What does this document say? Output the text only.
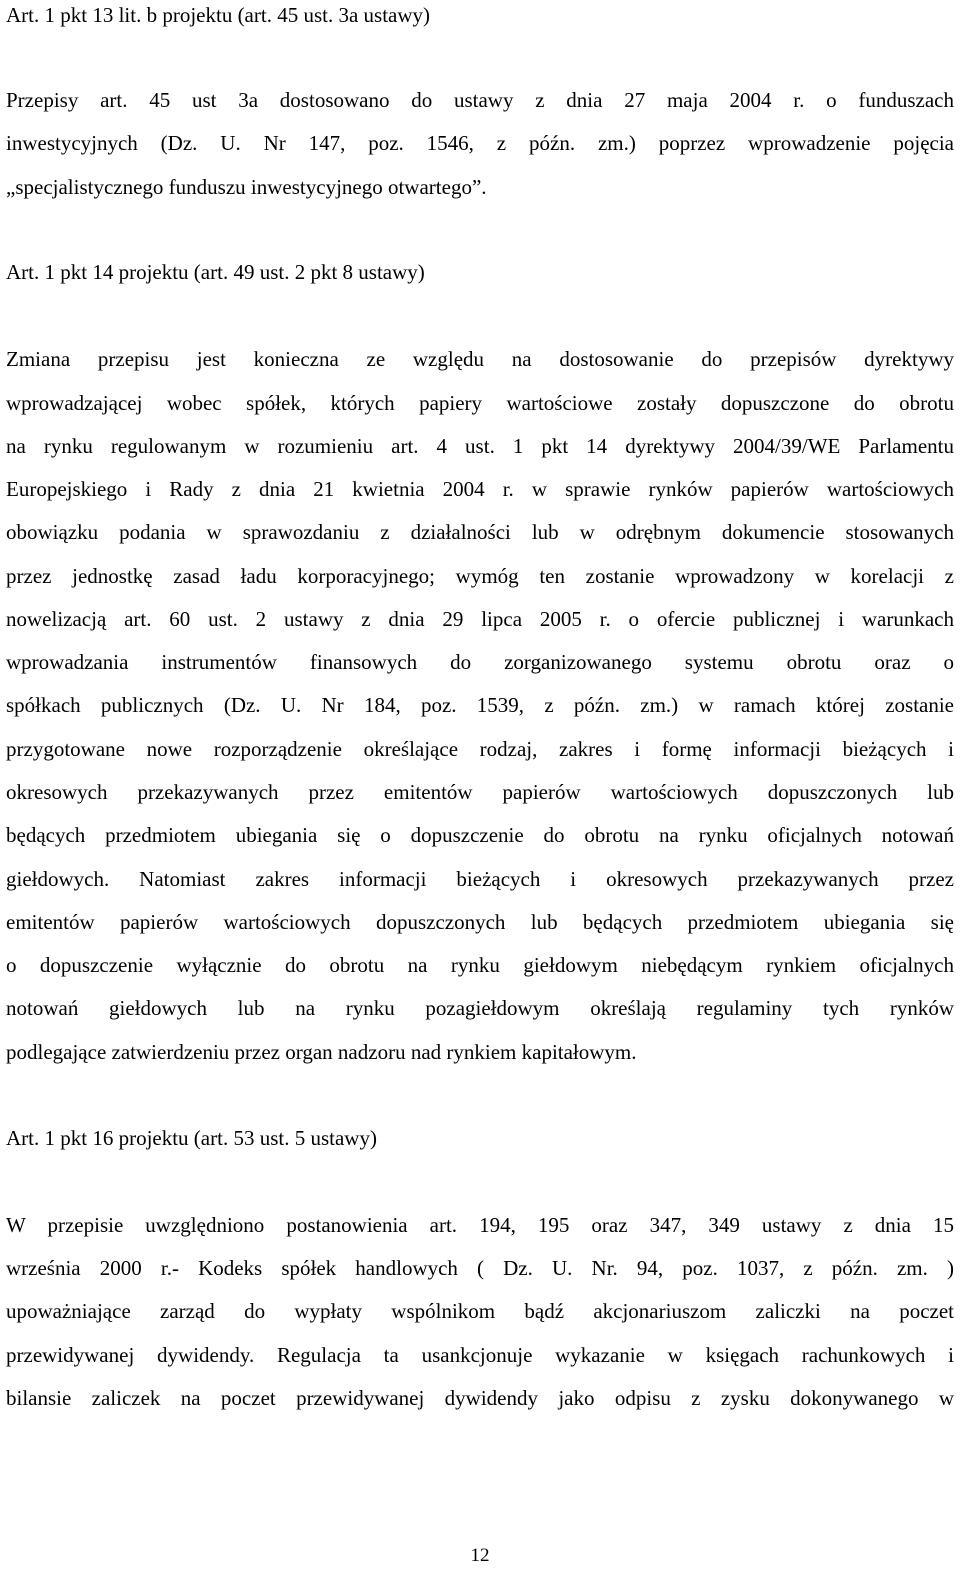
Art. 1 pkt 13 lit. b projektu (art. 45 ust. 3a ustawy)
Przepisy art. 45 ust 3a dostosowano do ustawy z dnia 27 maja 2004 r. o funduszach
inwestycyjnych (Dz. U. Nr 147, poz. 1546, z późn. zm.) poprzez wprowadzenie pojęcia
„specjalistycznego funduszu inwestycyjnego otwartego”.
Art. 1 pkt 14 projektu (art. 49 ust. 2 pkt 8 ustawy)
Zmiana przepisu jest konieczna ze względu na dostosowanie do przepisów dyrektywy
wprowadzającej wobec spółek, których papiery wartościowe zostały dopuszczone do obrotu
na rynku regulowanym w rozumieniu art. 4 ust. 1 pkt 14 dyrektywy 2004/39/WE Parlamentu
Europejskiego i Rady z dnia 21 kwietnia 2004 r. w sprawie rynków papierów wartościowych
obowiązku podania w sprawozdaniu z działalności lub w odrębnym dokumencie stosowanych
przez jednostkę zasad ładu korporacyjnego; wymóg ten zostanie wprowadzony w korelacji z
nowelizacją art. 60 ust. 2 ustawy z dnia 29 lipca 2005 r. o ofercie publicznej i warunkach
wprowadzania instrumentów finansowych do zorganizowanego systemu obrotu oraz o
spółkach publicznych (Dz. U. Nr 184, poz. 1539, z późn. zm.) w ramach której zostanie
przygotowane nowe rozporządzenie określające rodzaj, zakres i formę informacji bieżących i
okresowych przekazywanych przez emitentów papierów wartościowych dopuszczonych lub
będących przedmiotem ubiegania się o dopuszczenie do obrotu na rynku oficjalnych notowań
giełdowych. Natomiast zakres informacji bieżących i okresowych przekazywanych przez
emitentów papierów wartościowych dopuszczonych lub będących przedmiotem ubiegania się
o dopuszczenie wyłącznie do obrotu na rynku giełdowym niebędącym rynkiem oficjalnych
notowań giełdowych lub na rynku pozagiełdowym określają regulaminy tych rynków
podlegające zatwierdzeniu przez organ nadzoru nad rynkiem kapitałowym.
Art. 1 pkt 16 projektu (art. 53 ust. 5 ustawy)
W przepisie uwzględniono postanowienia art. 194, 195 oraz 347, 349 ustawy z dnia 15
września 2000 r.- Kodeks spółek handlowych ( Dz. U. Nr. 94, poz. 1037, z późn. zm. )
upoważniające zarząd do wypłaty wspólnikom bądź akcjonariuszom zaliczki na poczet
przewidywanej dywidendy. Regulacja ta usankcjonuje wykazanie w księgach rachunkowych i
bilansie zaliczek na poczet przewidywanej dywidendy jako odpisu z zysku dokonywanego w
12
